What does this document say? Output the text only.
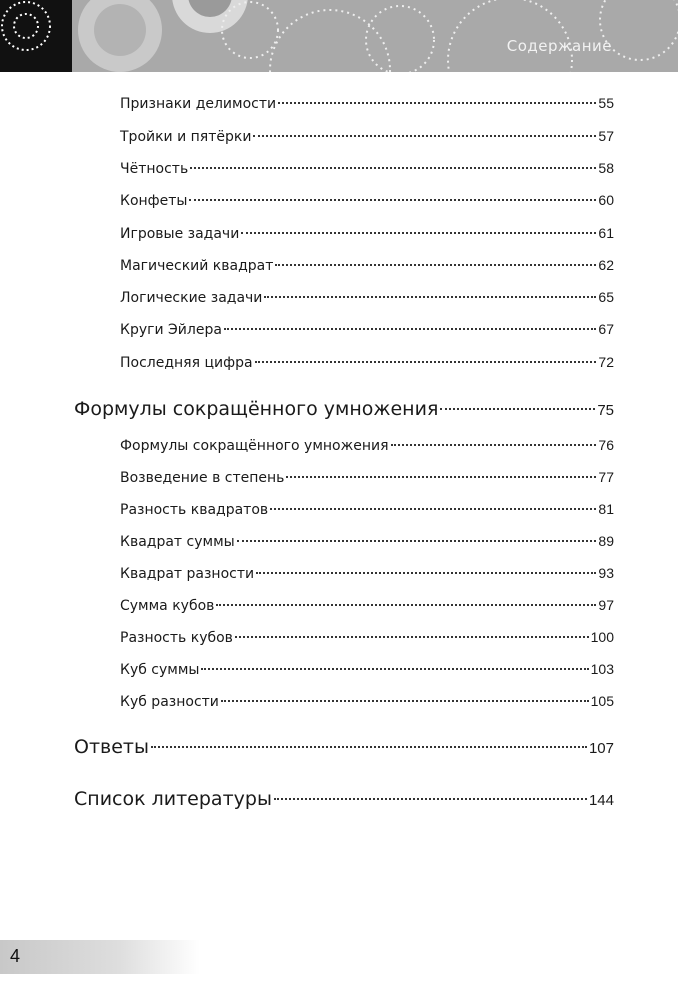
Содержание
Признаки делимости	55
Тройки и пятёрки	57
Чётность	58
Конфеты	60
Игровые задачи	61
Магический квадрат	62
Логические задачи	65
Круги Эйлера	67
Последняя цифра	72
Формулы сокращённого умножения	75
Формулы сокращённого умножения	76
Возведение в степень	77
Разность квадратов	81
Квадрат суммы	89
Квадрат разности	93
Сумма кубов	97
Разность кубов	100
Куб суммы	103
Куб разности	105
Ответы	107
Список литературы	144
4
